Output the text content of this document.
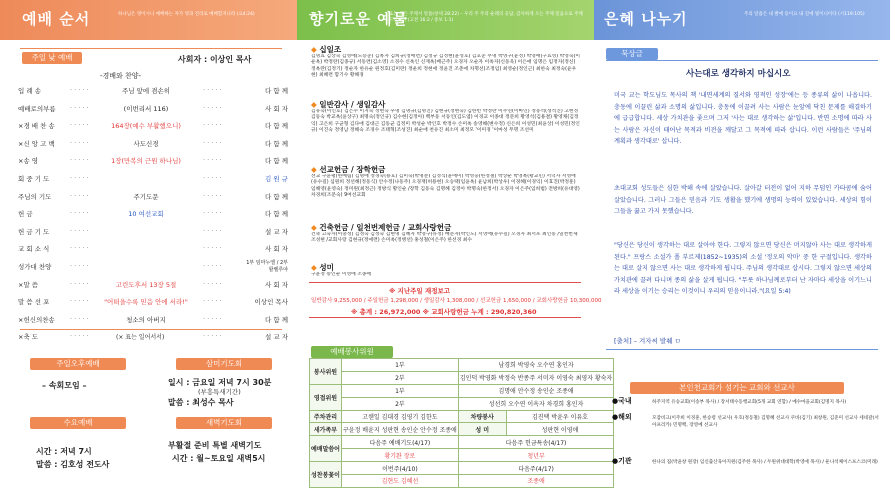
예배 순서	하나님은 영이시니 예배하는 자가 영과 진리로 예배할지니라 (요4:24)
주일 낮 예배	사회자 : 이상인 목사
-경배와 찬양-
입 례 송	· · · · ·	주님 앞에 겸손히	· · · · ·	다 함 께
예배로의부름	· · · · ·	(이번리서 116)	· · · · ·	사 회 자
×경 배 찬 송	· · · · ·	164장(예수 부활했으니)	· · · · ·	다 함 께
×신 앙 고 백	· · · · ·	사도신경	· · · · ·	다 함 께
×송 영	· · · · ·	1장(만복의 근원 하나님)	· · · · ·	다 함 께
회 중 기 도	· · · · ·	· · · · ·	김 원 규
주님의 기도	· · · · ·	주기도문	· · · · ·	다 함 께
헌 금	· · · · ·	10 여선교회	· · · · ·	다 함 께
헌 금 기 도	· · · · ·	· · · · ·	설 교 자
교 회 소 식	· · · · ·	· · · · ·	사 회 자
성가대 찬양	· · · · ·	· · · · ·	1부 임마누엘 / 2부 할렐루야
×말 씀	· · · · ·	고린도후서 13장 5절	· · · · ·	사 회 자
말 씀 선 포	· · · · ·	"어떠을수록 믿음 안에 서라!"	· · · · ·	이상인 목사
×헌신의찬송	· · · · ·	청소의 아버지	· · · · ·	다 함 께
×축 도	· · · · ·	· · · · ·	설 교 자
(× 표는 일어서서)
주일오후예배
– 속회모임 –
삼미기도회
일시 : 금요일 저녁 7시 30분
(부흥특새기간)
말씀 : 최성수 목사
수요예배
시간 : 저녁 7시
말씀 : 김호성 전도사
새벽기도회
부활절 준비 특별 새벽기도
시간 : 월~토요일 새벽5시
향기로운 예물
또는 모든 주께서 말씀(창세 28:22) – 우리 주 주의 순례의 응답, 감사하게 오는 주께 믿음으로 주께 드립니다 (고전 16:2 / 중보 1:1)
◆ 십일조
김명효 김상숙 김영애(노승준) 김옥자 김희규(정애련) 김정규 김정현(윤성호) 김호준 무명 박영구(윤정) 박영애(구효영) 박영숙(이운옥) 박정란(김종규) 서동련(김소영) 소경수 신옥인 신재옥(배근주) 오경자 오순자 이옥자(신동욱) 이은애 임명은 임정자(정신) 정옥란(김정기) 정순자 한유순 원정호(김미란) 정운희 정현애 정윤진 조춘애 차명선(조정임) 최영순(정인근) 최한숙 최정숙(윤우현) 최혜련 함기수 황해경
◆ 일반감사 / 생일감사
김유숙(이인호) 김은수 이지숙 정현숙 우명 김명규(김명진) 김현규(정현숙) 김한빈 박정란 이주연(이마인) 정동석(성석진) 고현정 김동숙 박교옥(윤상구) 최명숙(정인규) 김수현(김정아) 백부동 서동인(김도엽) 이경교 이종대 정문희 황영석(김용결) 황영채(김정익) 고은희 구균형 김다애 김대근 김동균 김정미 박성순 박인호 박정수 손미옥 송영해(변수정) 신은희 이성민(최윤상) 이성민(정인규) 이진숙 정영남 정해숙 조경수 조태혁(조성진) 최순애 천유진 최소미 최정모 '이미경 '이마성 무명 조선미
◆ 선교헌금 / 장학헌금
선교 구윤평(한예림) 김명애 정경숙(용호) 김미숙(박명분) 김정식(윤애미) 박영웅(한정철) 박상순 박영옥(황교민) 서덕자 서영애(유수길) 심원희 정선해(정동식) 안수정(나동주) 오경재(허용현) 오승택(임윤옥) 윤남희(박상우) 이경혜(이경익) 이효진(박정훈) 임해영(윤영숙) 정미원(최정근) 정방식 황인순 /장학 김동숙 김명혜 김정아 박명숙(한정서) 오경자 이은주(임희범) 전방희(유대영) 차경희(조문숙) 9여선교회
◆ 건축헌금 / 일천번제헌금 / 교회사랑헌금
건축 고숙자(이충성) 김정숙 김정숙 김현명 김혜자 박영구(유정) 배문자(박인도) 서영애(유수길) 오경자 최서포 최인동 /일천번제 조성현 /교회사랑 김현규(정애련) 손미옥(정병선) 홍성철(이은주) 한선경 최수
◆ 성미
구윤정 송인순 이영애 조종애
※ 지난주일 재정보고
일반감사 9,255,000 / 주일헌금 1,298,000 / 생일감사 1,308,000 / 선교헌금 1,650,000 / 교회사랑헌금 10,300,000
※ 총계 : 26,972,000 ※ 교회사랑헌금 누계 : 290,820,360
예배봉사위원
봉사위원	1부	남경희 박영숙 오수연 홍인자	
	2부	김인덕 박영화 박정숙 반종주 서미자 이영숙 최영자 황숙자	
영접위원	1부	김명애 안수정 송인순 조종애	
	2부	성선희 오수연 이옥자 차경희 홍인자	
주차관리	고웬일 김대경 김영기 김한도	차량봉사	김진택 박윤우 이유호
새가족부	구윤정 배윤지 성판현 송인순 안수정 조종애	성 미	성판현 이영애
예배말씀어	다음주 예배기도(4/17)	다음주 헌금특송(4/17)	
	황기완 장로	청년부	
성찬봉꽃이	이번주(4/10)	다음주(4/17)	
	김현도 김혜선	조종애	
은혜 나누기	주의 말씀은 내 발에 등이요 내 길에 빛이니이다 (시119:105)
묵상글
사는대로 생각하지 마십시오
미국 교는 학도님도 목사의 책 '내면세계의 질서와 영적인 성장'에는 등 종류의 삶이 나옵니다. 충동에 이끌린 삶과 소명의 삶입니다. 충동에 이끌려 사는 사람은 눈앞에 닥친 문제를 해결하기에 급급합니다. 세상 가치관을 좇으며 그저 '사는 대로 생각하는 삶'입니다. 반면 소명에 따라 사는 사람은 자신이 태어난 목적과 비전을 깨달고 그 목적에 따라 삽니다. 이런 사람들은 '주님의 계획과 생각대로' 삽니다.
초대교회 성도들은 심한 박해 속에 살았습니다. 살아갈 터전이 없어 지하 무덤인 카타콤에 숨어 살았습니다. 그러나 그들은 믿음과 기도 생활을 했기에 생명의 능력이 있었습니다. 세상의 힘이 그들을 꿇고 가지 못했습니다.
"당신은 당신이 생각하는 대로 살아야 한다. 그렇지 않으면 당신은 머지않아 사는 대로 생각하게 된다." 프랑스 소설가 폴 부르제(1852~1935)의 소설 '정오의 악마' 중 한 구절입니다. 생각하는 대로 살지 않으면 사는 대로 생각하게 됩니다. 주님의 생각대로 삽시다. 그렇지 않으면 세상의 가치관에 끌려 다니며 종의 삶을 살게 됩니다. "무릇 하나님께로부터 난 자마다 세상을 이기느니라 세상을 이기는 승리는 이것이니 우리의 믿음이니라."(요일 5:4)
[출처] – 겨자씨 발췌 ㅁ
본인천교회가 섬기는 교회와 선교사
●국내	하주지역 유승교회(이송부 목사) / 장서태수동행교회(5개 교회 연합) / 예수마을교회(김명지 목사)
●해외	모잠비크(이주희 이경훈, 한승령 선교사) 우호(정동철) 김명혜 선교사 쿠바(김기) 최창원, 김준미 선교사 세네갈(서아프리카) 민명백, 장영예 선교사
●기관	한나의 집(박윤창 원장) 임신출산육아지원(김주한 목사) / 두원위대대학(박영애 목사) / 둔나석체이스프스코(미래)
